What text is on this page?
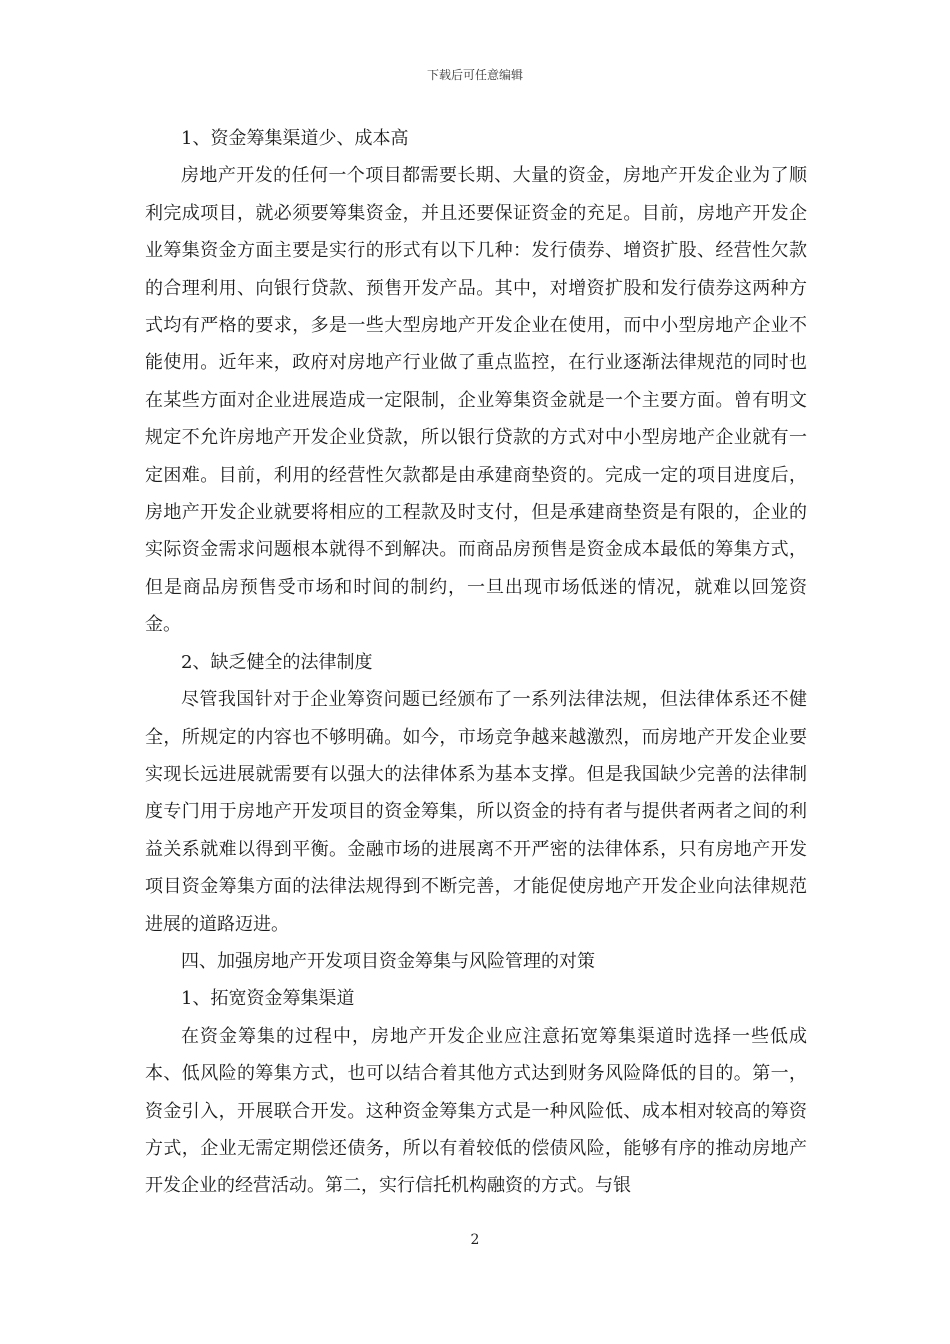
下载后可任意编辑

1、资金筹集渠道少、成本高

房地产开发的任何一个项目都需要长期、大量的资金，房地产开发企业为了顺利完成项目，就必须要筹集资金，并且还要保证资金的充足。目前，房地产开发企业筹集资金方面主要是实行的形式有以下几种：发行债券、增资扩股、经营性欠款的合理利用、向银行贷款、预售开发产品。其中，对增资扩股和发行债券这两种方式均有严格的要求，多是一些大型房地产开发企业在使用，而中小型房地产企业不能使用。近年来，政府对房地产行业做了重点监控，在行业逐渐法律规范的同时也在某些方面对企业进展造成一定限制，企业筹集资金就是一个主要方面。曾有明文规定不允许房地产开发企业贷款，所以银行贷款的方式对中小型房地产企业就有一定困难。目前，利用的经营性欠款都是由承建商垫资的。完成一定的项目进度后，房地产开发企业就要将相应的工程款及时支付，但是承建商垫资是有限的，企业的实际资金需求问题根本就得不到解决。而商品房预售是资金成本最低的筹集方式，但是商品房预售受市场和时间的制约，一旦出现市场低迷的情况，就难以回笼资金。

2、缺乏健全的法律制度

尽管我国针对于企业筹资问题已经颁布了一系列法律法规，但法律体系还不健全，所规定的内容也不够明确。如今，市场竞争越来越激烈，而房地产开发企业要实现长远进展就需要有以强大的法律体系为基本支撑。但是我国缺少完善的法律制度专门用于房地产开发项目的资金筹集，所以资金的持有者与提供者两者之间的利益关系就难以得到平衡。金融市场的进展离不开严密的法律体系，只有房地产开发项目资金筹集方面的法律法规得到不断完善，才能促使房地产开发企业向法律规范进展的道路迈进。

四、加强房地产开发项目资金筹集与风险管理的对策

1、拓宽资金筹集渠道

在资金筹集的过程中，房地产开发企业应注意拓宽筹集渠道时选择一些低成本、低风险的筹集方式，也可以结合着其他方式达到财务风险降低的目的。第一，资金引入，开展联合开发。这种资金筹集方式是一种风险低、成本相对较高的筹资方式，企业无需定期偿还债务，所以有着较低的偿债风险，能够有序的推动房地产开发企业的经营活动。第二，实行信托机构融资的方式。与银

2
